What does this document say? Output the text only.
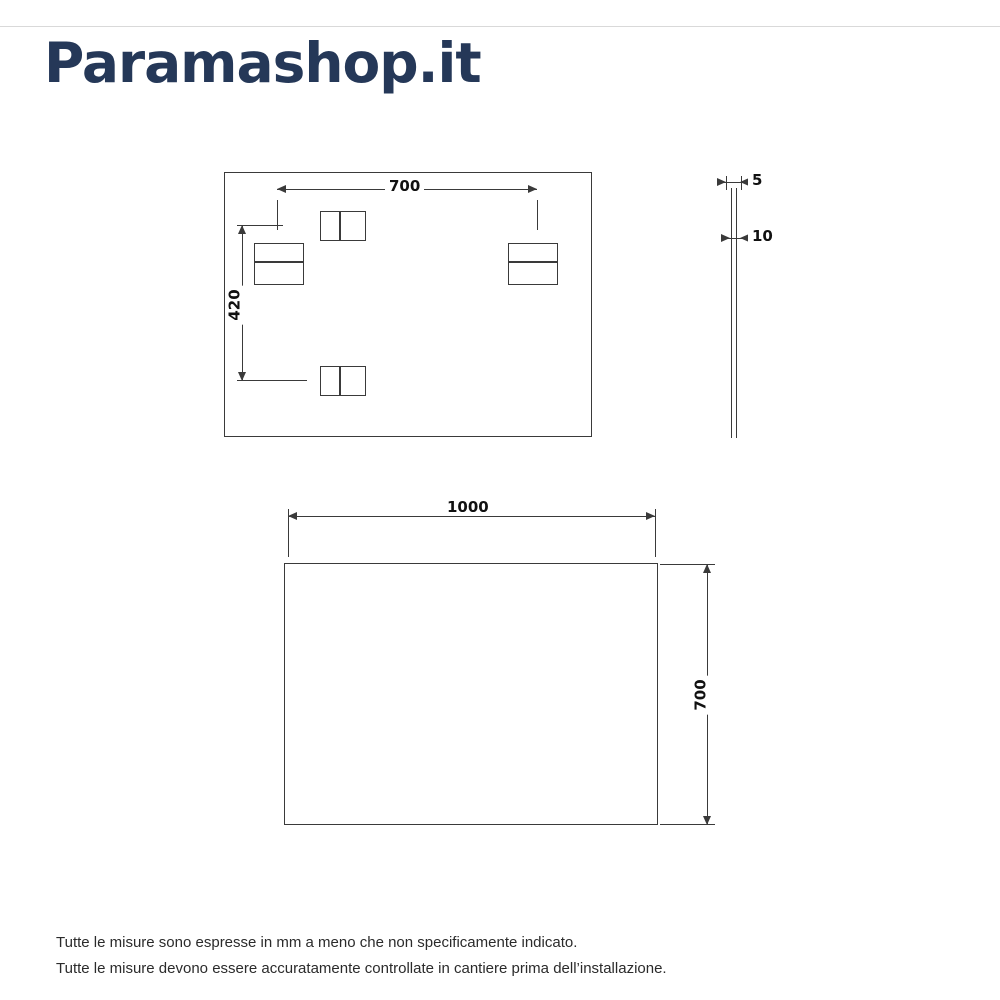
Paramashop.it
700
420
5
10
1000
700
Tutte le misure sono espresse in mm a meno che non specificamente indicato.
Tutte le misure devono essere accuratamente controllate in cantiere prima dell’installazione.
